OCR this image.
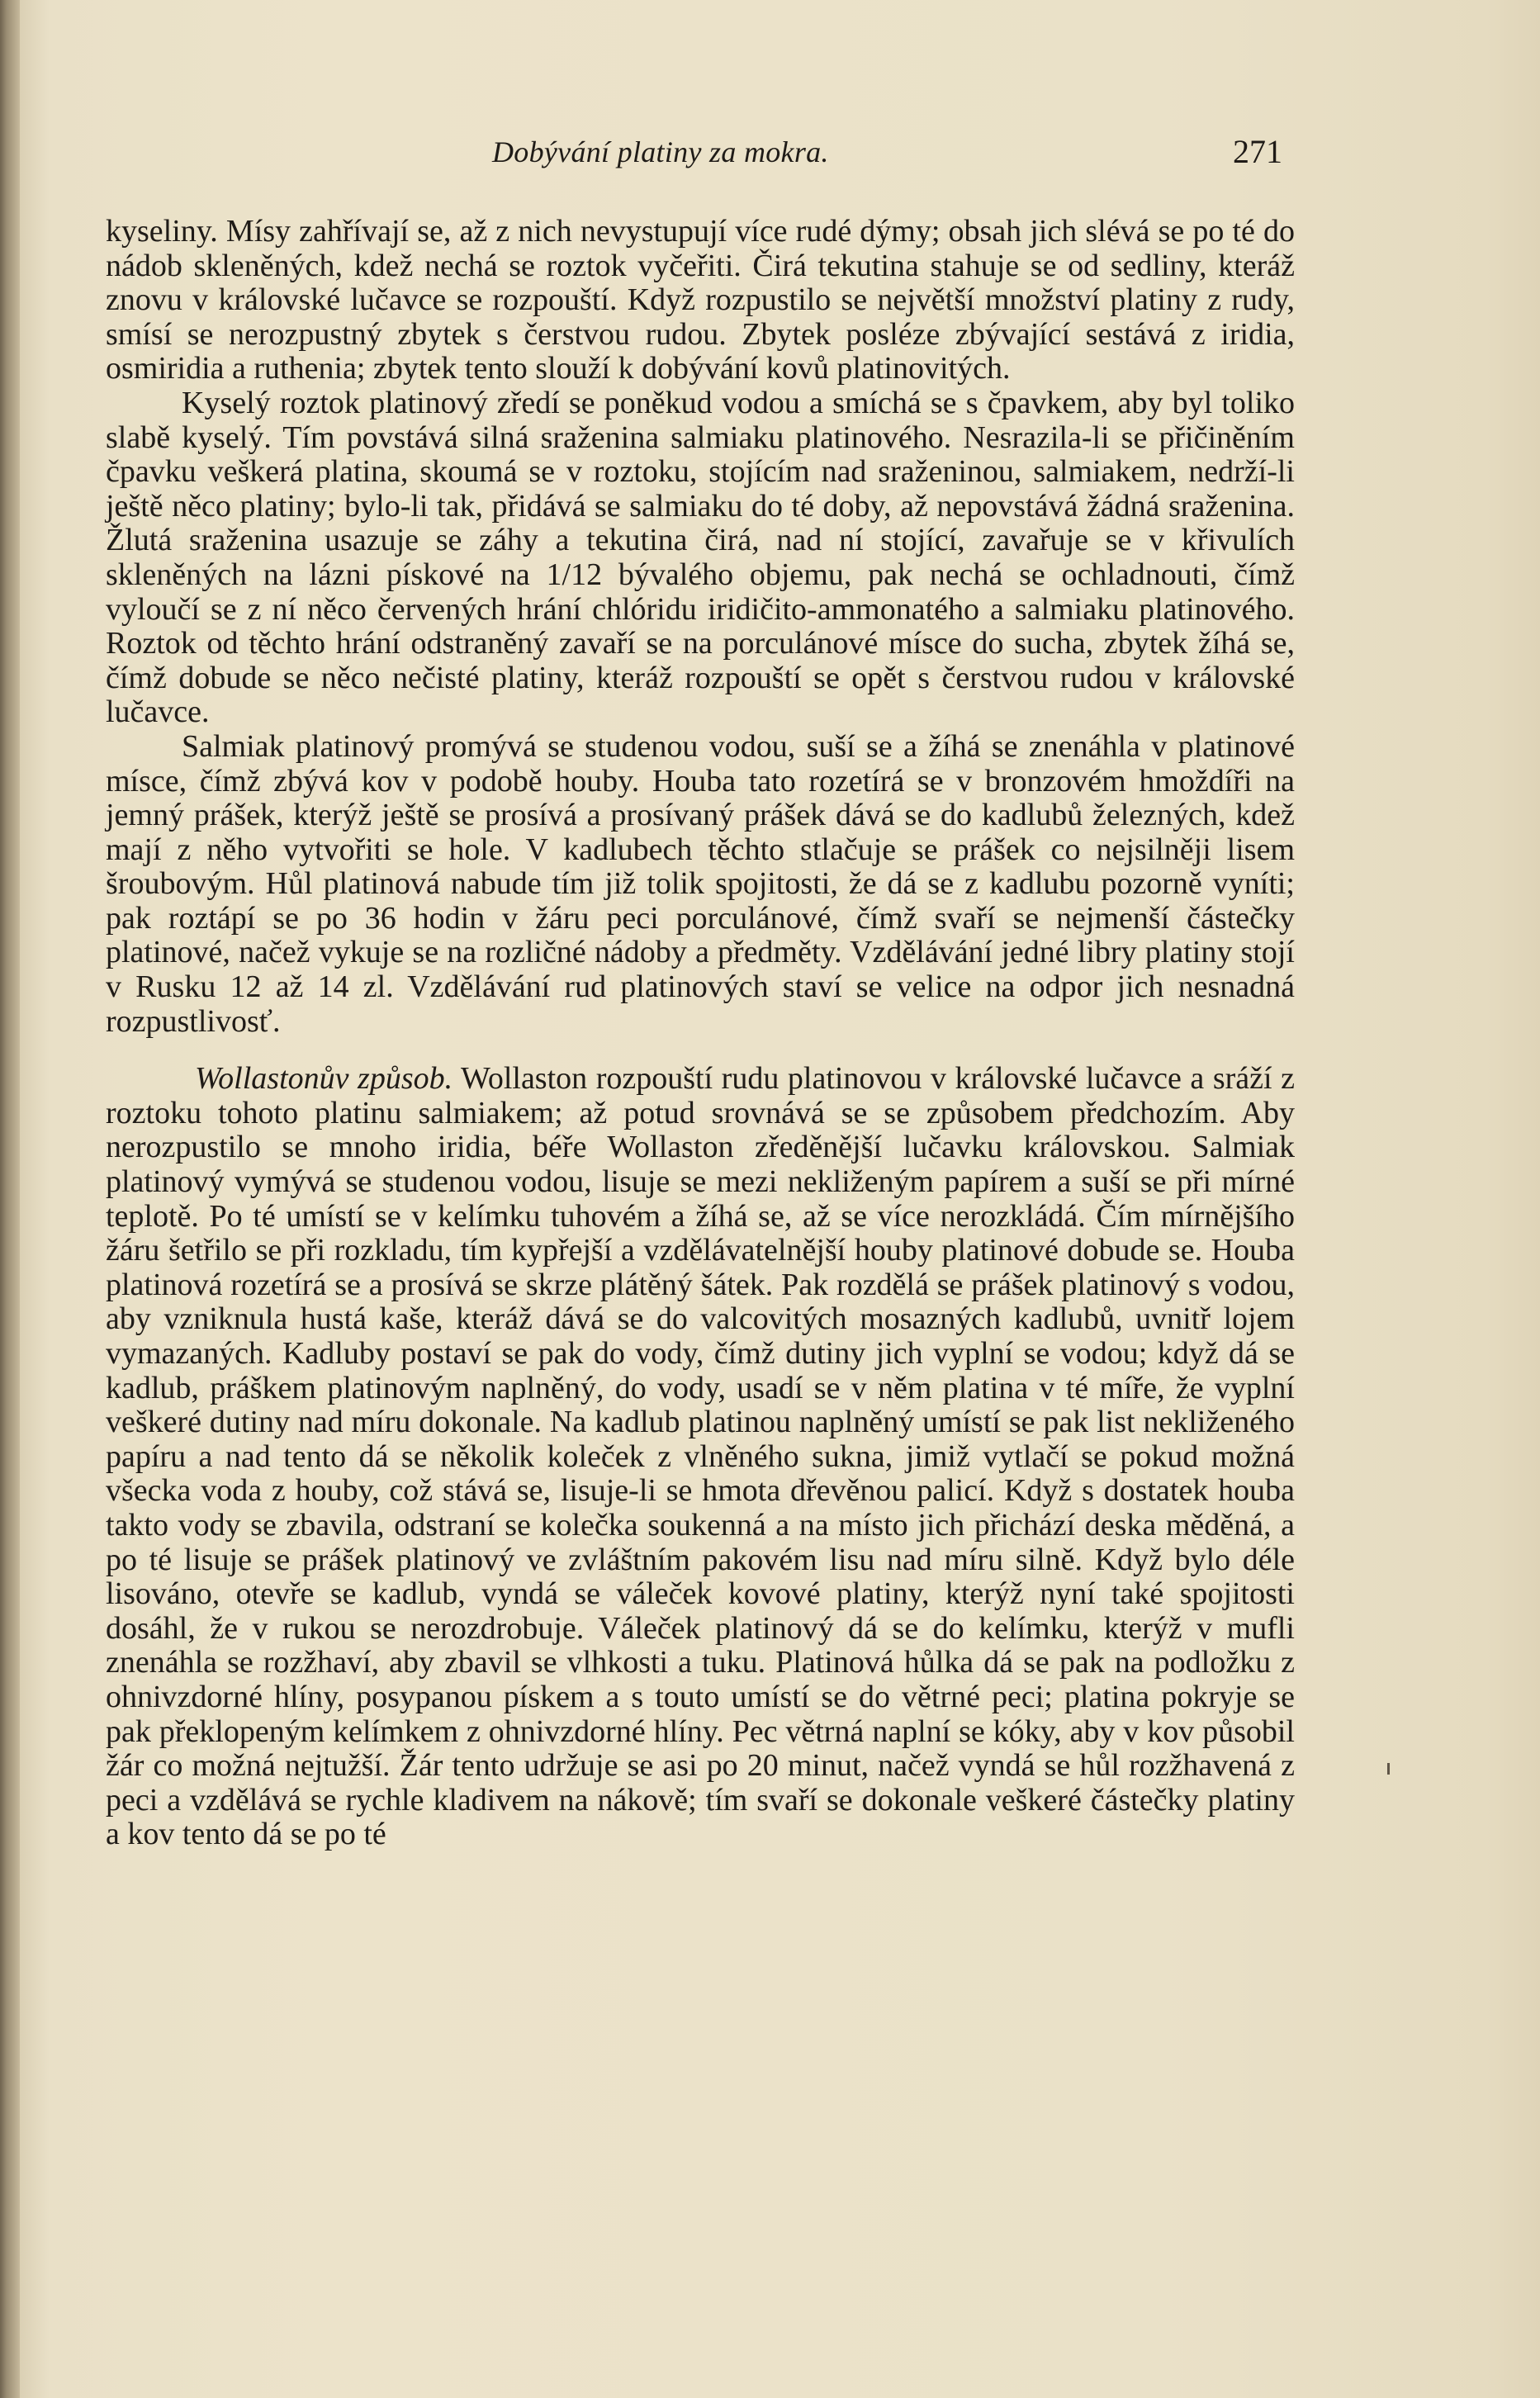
Dobývání platiny za mokra.	271

kyseliny. Mísy zahřívají se, až z nich nevystupují více rudé dýmy; obsah jich slévá se po té do nádob skleněných, kdež nechá se roztok vyčeřiti. Čirá tekutina stahuje se od sedliny, kteráž znovu v královské lučavce se rozpouští. Když rozpustilo se největší množství platiny z rudy, smísí se nerozpustný zbytek s čerstvou rudou. Zbytek posléze zbývající sestává z iridia, osmiridia a ruthenia; zbytek tento slouží k dobývání kovů platinovitých.

Kyselý roztok platinový zředí se poněkud vodou a smíchá se s čpavkem, aby byl toliko slabě kyselý. Tím povstává silná sraženina salmiaku platinového. Nesrazila-li se přičiněním čpavku veškerá platina, skoumá se v roztoku, stojícím nad sraženinou, salmiakem, nedrží-li ještě něco platiny; bylo-li tak, přidává se salmiaku do té doby, až nepovstává žádná sraženina. Žlutá sraženina usazuje se záhy a tekutina čirá, nad ní stojící, zavařuje se v křivulích skleněných na lázni pískové na 1/12 bývalého objemu, pak nechá se ochladnouti, čímž vyloučí se z ní něco červených hrání chlóridu iridičito-ammonatého a salmiaku platinového. Roztok od těchto hrání odstraněný zavaří se na porculánové mísce do sucha, zbytek žíhá se, čímž dobude se něco nečisté platiny, kteráž rozpouští se opět s čerstvou rudou v královské lučavce.

Salmiak platinový promývá se studenou vodou, suší se a žíhá se znenáhla v platinové mísce, čímž zbývá kov v podobě houby. Houba tato rozetírá se v bronzovém hmoždíři na jemný prášek, kterýž ještě se prosívá a prosívaný prášek dává se do kadlubů železných, kdež mají z něho vytvořiti se hole. V kadlubech těchto stlačuje se prášek co nejsilněji lisem šroubovým. Hůl platinová nabude tím již tolik spojitosti, že dá se z kadlubu pozorně vyníti; pak roztápí se po 36 hodin v žáru peci porculánové, čímž svaří se nejmenší částečky platinové, načež vykuje se na rozličné nádoby a předměty. Vzdělávání jedné libry platiny stojí v Rusku 12 až 14 zl. Vzdělávání rud platinových staví se velice na odpor jich nesnadná rozpustlivosť.

Wollastonův způsob. Wollaston rozpouští rudu platinovou v královské lučavce a sráží z roztoku tohoto platinu salmiakem; až potud srovnává se se způsobem předchozím. Aby nerozpustilo se mnoho iridia, béře Wollaston zředěnější lučavku královskou. Salmiak platinový vymývá se studenou vodou, lisuje se mezi nekliženým papírem a suší se při mírné teplotě. Po té umístí se v kelímku tuhovém a žíhá se, až se více nerozkládá. Čím mírnějšího žáru šetřilo se při rozkladu, tím kypřejší a vzdělávatelnější houby platinové dobude se. Houba platinová rozetírá se a prosívá se skrze plátěný šátek. Pak rozdělá se prášek platinový s vodou, aby vzniknula hustá kaše, kteráž dává se do valcovitých mosazných kadlubů, uvnitř lojem vymazaných. Kadluby postaví se pak do vody, čímž dutiny jich vyplní se vodou; když dá se kadlub, práškem platinovým naplněný, do vody, usadí se v něm platina v té míře, že vyplní veškeré dutiny nad míru dokonale. Na kadlub platinou naplněný umístí se pak list nekliženého papíru a nad tento dá se několik koleček z vlněného sukna, jimiž vytlačí se pokud možná všecka voda z houby, což stává se, lisuje-li se hmota dřevěnou palicí. Když s dostatek houba takto vody se zbavila, odstraní se kolečka soukenná a na místo jich přichází deska měděná, a po té lisuje se prášek platinový ve zvláštním pakovém lisu nad míru silně. Když bylo déle lisováno, otevře se kadlub, vyndá se váleček kovové platiny, kterýž nyní také spojitosti dosáhl, že v rukou se nerozdrobuje. Váleček platinový dá se do kelímku, kterýž v mufli znenáhla se rozžhaví, aby zbavil se vlhkosti a tuku. Platinová hůlka dá se pak na podložku z ohnivzdorné hlíny, posypanou pískem a s touto umístí se do větrné peci; platina pokryje se pak překlopeným kelímkem z ohnivzdorné hlíny. Pec větrná naplní se kóky, aby v kov působil žár co možná nejtužší. Žár tento udržuje se asi po 20 minut, načež vyndá se hůl rozžhavená z peci a vzdělává se rychle kladivem na nákově; tím svaří se dokonale veškeré částečky platiny a kov tento dá se po té
